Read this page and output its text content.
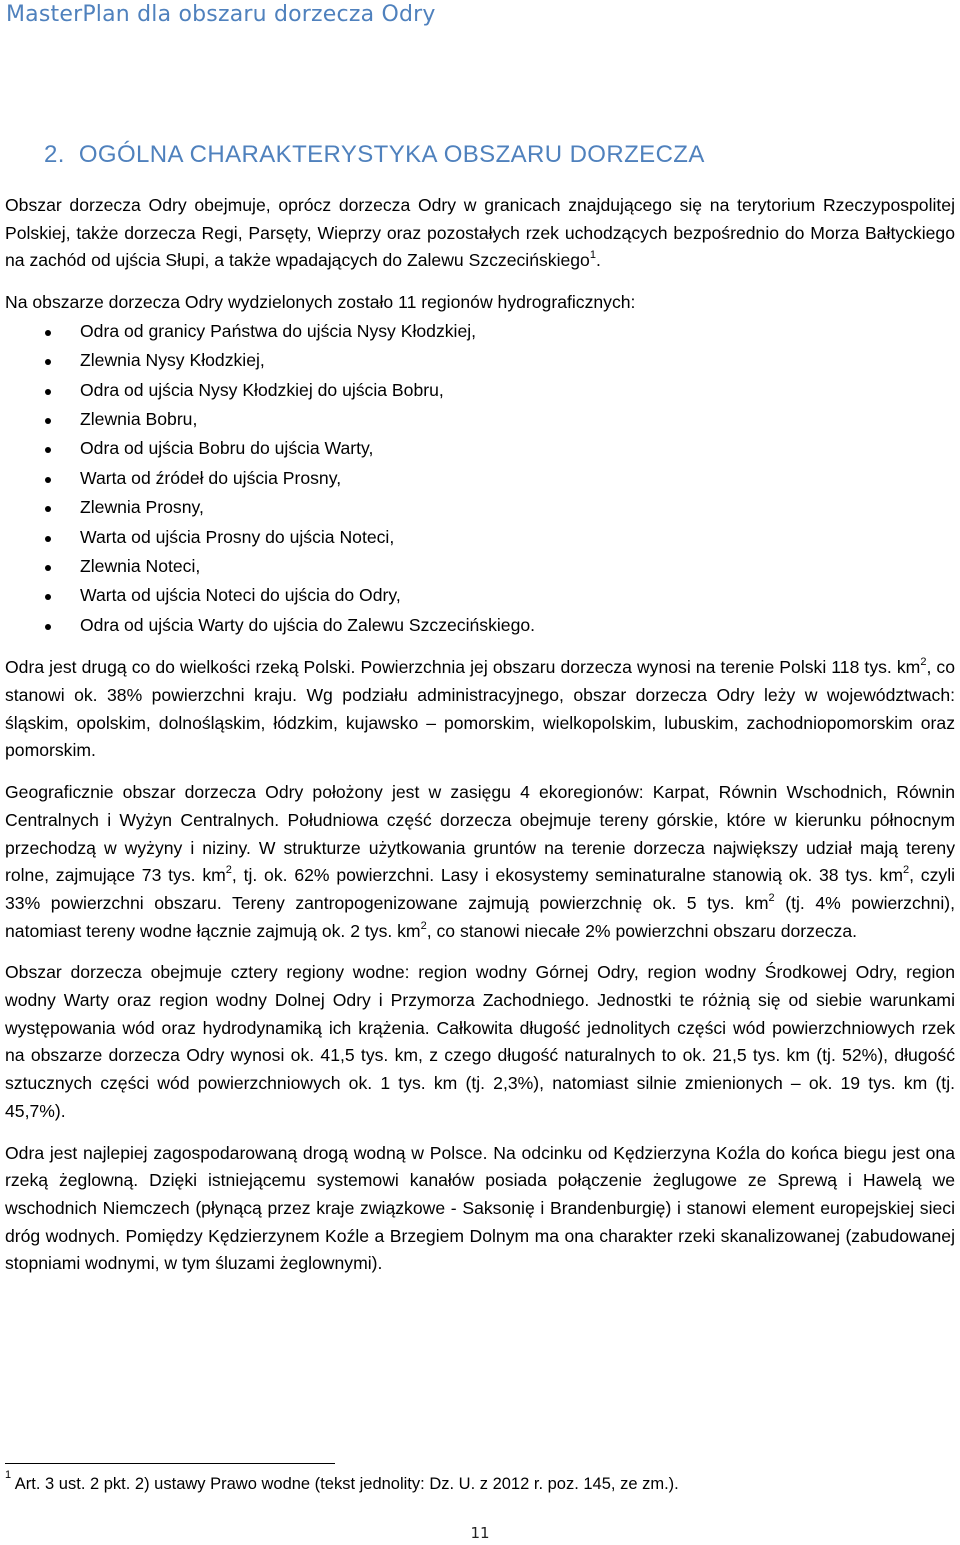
MasterPlan dla obszaru dorzecza Odry
2. OGÓLNA CHARAKTERYSTYKA OBSZARU DORZECZA

Obszar dorzecza Odry obejmuje, oprócz dorzecza Odry w granicach znajdującego się na terytorium Rzeczypospolitej Polskiej, także dorzecza Regi, Parsęty, Wieprzy oraz pozostałych rzek uchodzących bezpośrednio do Morza Bałtyckiego na zachód od ujścia Słupi, a także wpadających do Zalewu Szczecińskiego$^1$.

Na obszarze dorzecza Odry wydzielonych zostało 11 regionów hydrograficznych:

Odra od granicy Państwa do ujścia Nysy Kłodzkiej,
Zlewnia Nysy Kłodzkiej,
Odra od ujścia Nysy Kłodzkiej do ujścia Bobru,
Zlewnia Bobru,
Odra od ujścia Bobru do ujścia Warty,
Warta od źródeł do ujścia Prosny,
Zlewnia Prosny,
Warta od ujścia Prosny do ujścia Noteci,
Zlewnia Noteci,
Warta od ujścia Noteci do ujścia do Odry,
Odra od ujścia Warty do ujścia do Zalewu Szczecińskiego.

Odra jest drugą co do wielkości rzeką Polski. Powierzchnia jej obszaru dorzecza wynosi na terenie Polski 118 tys. $km^2$, co stanowi ok. 38% powierzchni kraju. Wg podziału administracyjnego, obszar dorzecza Odry leży w województwach: śląskim, opolskim, dolnośląskim, łódzkim, kujawsko – pomorskim, wielkopolskim, lubuskim, zachodniopomorskim oraz pomorskim.

Geograficznie obszar dorzecza Odry położony jest w zasięgu 4 ekoregionów: Karpat, Równin Wschodnich, Równin Centralnych i Wyżyn Centralnych. Południowa część dorzecza obejmuje tereny górskie, które w kierunku północnym przechodzą w wyżyny i niziny. W strukturze użytkowania gruntów na terenie dorzecza największy udział mają tereny rolne, zajmujące 73 tys. $km^2$, tj. ok. 62% powierzchni. Lasy i ekosystemy seminaturalne stanowią ok. 38 tys. $km^2$, czyli 33% powierzchni obszaru. Tereny zantropogenizowane zajmują powierzchnię ok. 5 tys. $km^2$ (tj. 4% powierzchni), natomiast tereny wodne łącznie zajmują ok. 2 tys. $km^2$, co stanowi niecałe 2% powierzchni obszaru dorzecza.

Obszar dorzecza obejmuje cztery regiony wodne: region wodny Górnej Odry, region wodny Środkowej Odry, region wodny Warty oraz region wodny Dolnej Odry i Przymorza Zachodniego. Jednostki te różnią się od siebie warunkami występowania wód oraz hydrodynamiką ich krążenia. Całkowita długość jednolitych części wód powierzchniowych rzek na obszarze dorzecza Odry wynosi ok. 41,5 tys. km, z czego długość naturalnych to ok. 21,5 tys. km (tj. 52%), długość sztucznych części wód powierzchniowych ok. 1 tys. km (tj. 2,3%), natomiast silnie zmienionych – ok. 19 tys. km (tj. 45,7%).

Odra jest najlepiej zagospodarowaną drogą wodną w Polsce. Na odcinku od Kędzierzyna Koźla do końca biegu jest ona rzeką żeglowną. Dzięki istniejącemu systemowi kanałów posiada połączenie żeglugowe ze Sprewą i Hawelą we wschodnich Niemczech (płynącą przez kraje związkowe - Saksonię i Brandenburgię) i stanowi element europejskiej sieci dróg wodnych. Pomiędzy Kędzierzynem Koźle a Brzegiem Dolnym ma ona charakter rzeki skanalizowanej (zabudowanej stopniami wodnymi, w tym śluzami żeglownymi).

$^1$ Art. 3 ust. 2 pkt. 2) ustawy Prawo wodne (tekst jednolity: Dz. U. z 2012 r. poz. 145, ze zm.).
11
